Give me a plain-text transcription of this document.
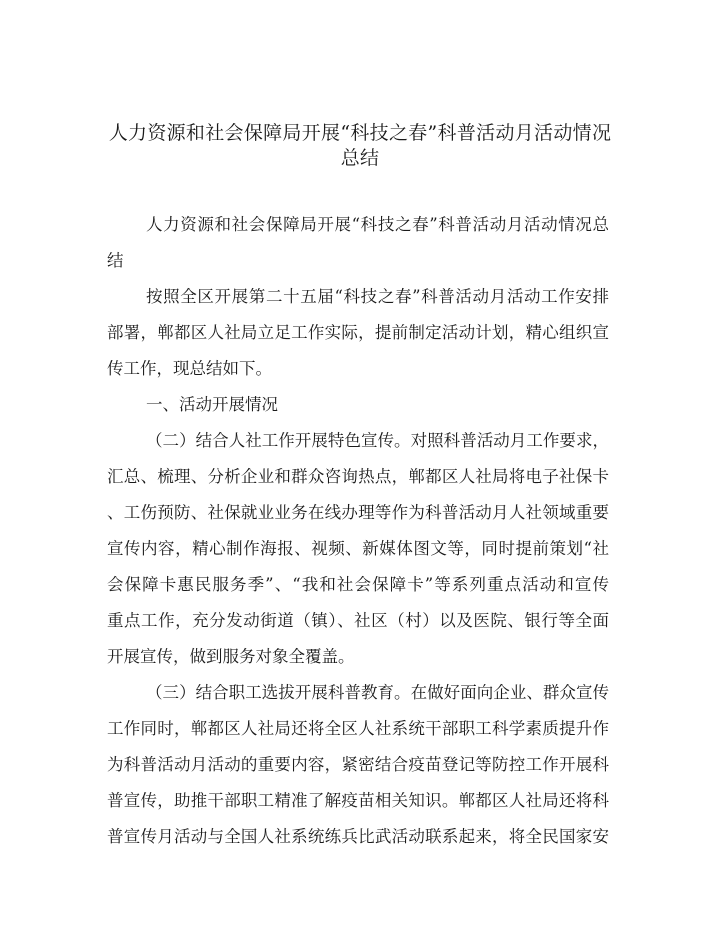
人力资源和社会保障局开展“科技之春”科普活动月活动情况
总结
人力资源和社会保障局开展“科技之春”科普活动月活动情况总
结
按照全区开展第二十五届“科技之春”科普活动月活动工作安排
部署，郸都区人社局立足工作实际，提前制定活动计划，精心组织宣
传工作，现总结如下。
一、活动开展情况
（二）结合人社工作开展特色宣传。对照科普活动月工作要求，
汇总、梳理、分析企业和群众咨询热点，郸都区人社局将电子社保卡
、工伤预防、社保就业业务在线办理等作为科普活动月人社领域重要
宣传内容，精心制作海报、视频、新媒体图文等，同时提前策划“社
会保障卡惠民服务季”、“我和社会保障卡”等系列重点活动和宣传
重点工作，充分发动街道（镇）、社区（村）以及医院、银行等全面
开展宣传，做到服务对象全覆盖。
（三）结合职工选拔开展科普教育。在做好面向企业、群众宣传
工作同时，郸都区人社局还将全区人社系统干部职工科学素质提升作
为科普活动月活动的重要内容，紧密结合疫苗登记等防控工作开展科
普宣传，助推干部职工精准了解疫苗相关知识。郸都区人社局还将科
普宣传月活动与全国人社系统练兵比武活动联系起来，将全民国家安
